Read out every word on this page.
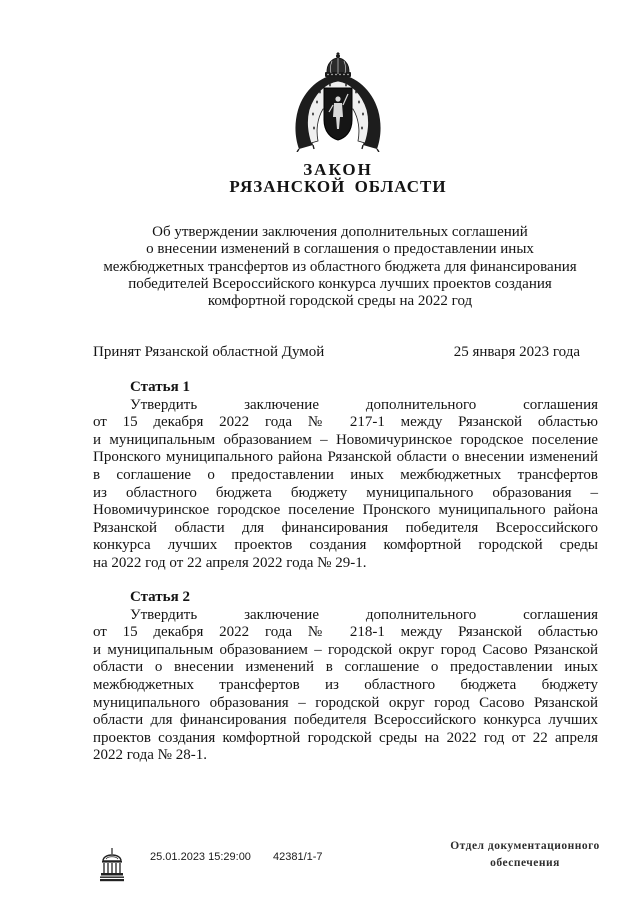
ЗАКОН
РЯЗАНСКОЙ ОБЛАСТИ
Об утверждении заключения дополнительных соглашений
о внесении изменений в соглашения о предоставлении иных
межбюджетных трансфертов из областного бюджета для финансирования
победителей Всероссийского конкурса лучших проектов создания
комфортной городской среды на 2022 год
Принят Рязанской областной Думой	25 января 2023 года
Статья 1
Утвердить заключение дополнительного соглашения
от 15 декабря 2022 года № 217-1 между Рязанской областью
и муниципальным образованием – Новомичуринское городское поселение
Пронского муниципального района Рязанской области о внесении изменений
в соглашение о предоставлении иных межбюджетных трансфертов
из областного бюджета бюджету муниципального образования –
Новомичуринское городское поселение Пронского муниципального района
Рязанской области для финансирования победителя Всероссийского
конкурса лучших проектов создания комфортной городской среды
на 2022 год от 22 апреля 2022 года № 29-1.
Статья 2
Утвердить заключение дополнительного соглашения
от 15 декабря 2022 года № 218-1 между Рязанской областью
и муниципальным образованием – городской округ город Сасово Рязанской
области о внесении изменений в соглашение о предоставлении иных
межбюджетных трансфертов из областного бюджета бюджету
муниципального образования – городской округ город Сасово Рязанской
области для финансирования победителя Всероссийского конкурса лучших
проектов создания комфортной городской среды на 2022 год от 22 апреля
2022 года № 28-1.
25.01.2023 15:29:00 42381/1-7
Отдел документационного
обеспечения
